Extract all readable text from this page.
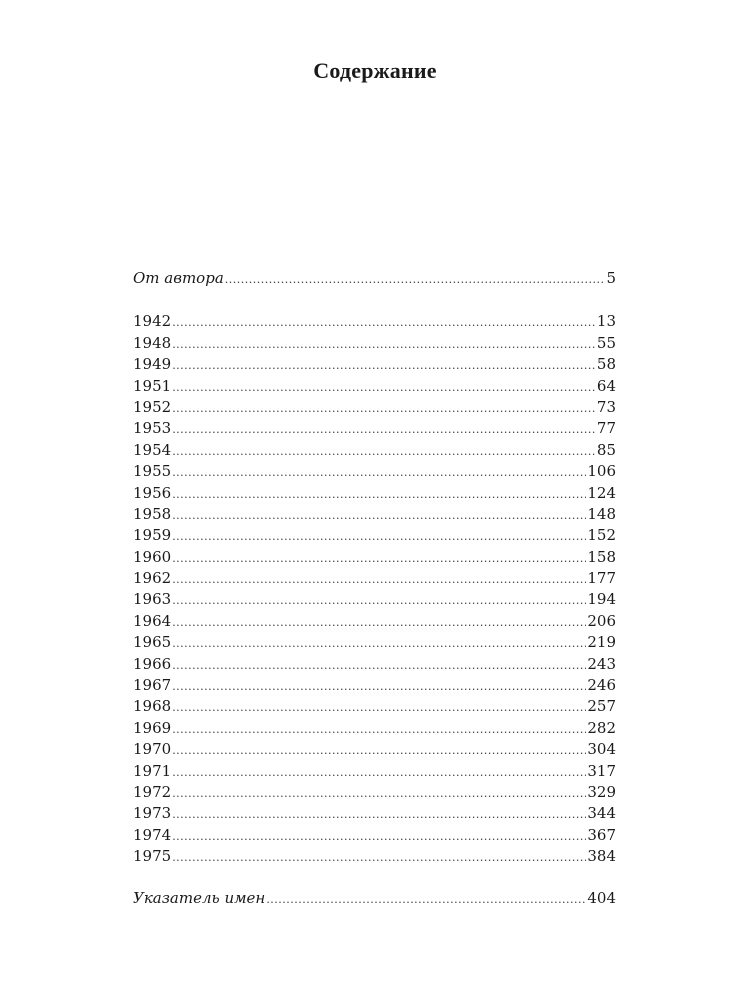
Содержание
От автора .....	5
1942 .....	13
1948 .....	55
1949 .....	58
1951 .....	64
1952 .....	73
1953 .....	77
1954 .....	85
1955 .....	106
1956 .....	124
1958 .....	148
1959 .....	152
1960 .....	158
1962 .....	177
1963 .....	194
1964 .....	206
1965 .....	219
1966 .....	243
1967 .....	246
1968 .....	257
1969 .....	282
1970 .....	304
1971 .....	317
1972 .....	329
1973 .....	344
1974 .....	367
1975 .....	384
Указатель имен .....	404
